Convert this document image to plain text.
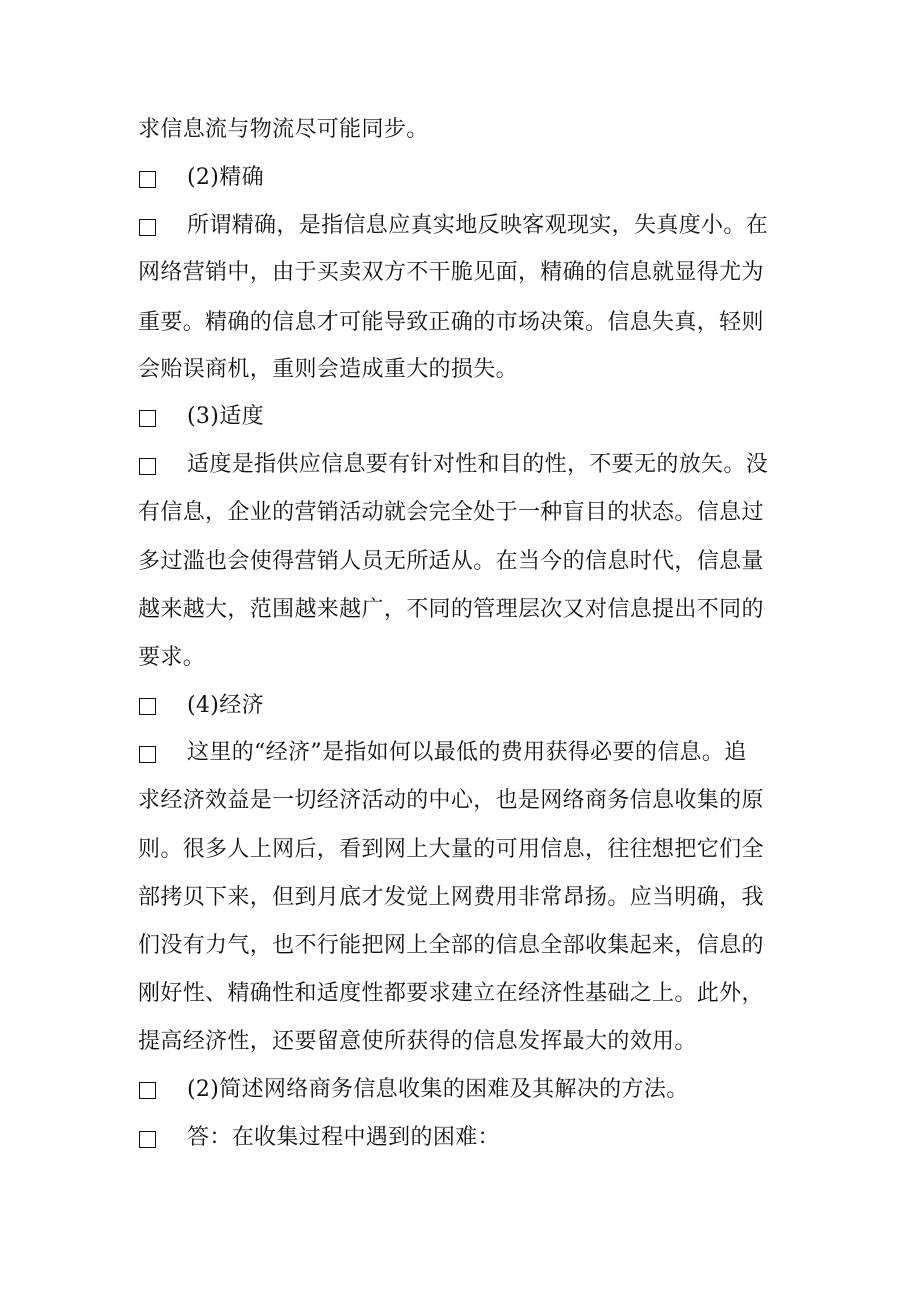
求信息流与物流尽可能同步。
(2)精确
所谓精确，是指信息应真实地反映客观现实，失真度小。在
网络营销中，由于买卖双方不干脆见面，精确的信息就显得尤为
重要。精确的信息才可能导致正确的市场决策。信息失真，轻则
会贻误商机，重则会造成重大的损失。
(3)适度
适度是指供应信息要有针对性和目的性，不要无的放矢。没
有信息，企业的营销活动就会完全处于一种盲目的状态。信息过
多过滥也会使得营销人员无所适从。在当今的信息时代，信息量
越来越大，范围越来越广，不同的管理层次又对信息提出不同的
要求。
(4)经济
这里的“经济”是指如何以最低的费用获得必要的信息。追
求经济效益是一切经济活动的中心，也是网络商务信息收集的原
则。很多人上网后，看到网上大量的可用信息，往往想把它们全
部拷贝下来，但到月底才发觉上网费用非常昂扬。应当明确，我
们没有力气，也不行能把网上全部的信息全部收集起来，信息的
刚好性、精确性和适度性都要求建立在经济性基础之上。此外，
提高经济性，还要留意使所获得的信息发挥最大的效用。
(2)简述网络商务信息收集的困难及其解决的方法。
答：在收集过程中遇到的困难：
